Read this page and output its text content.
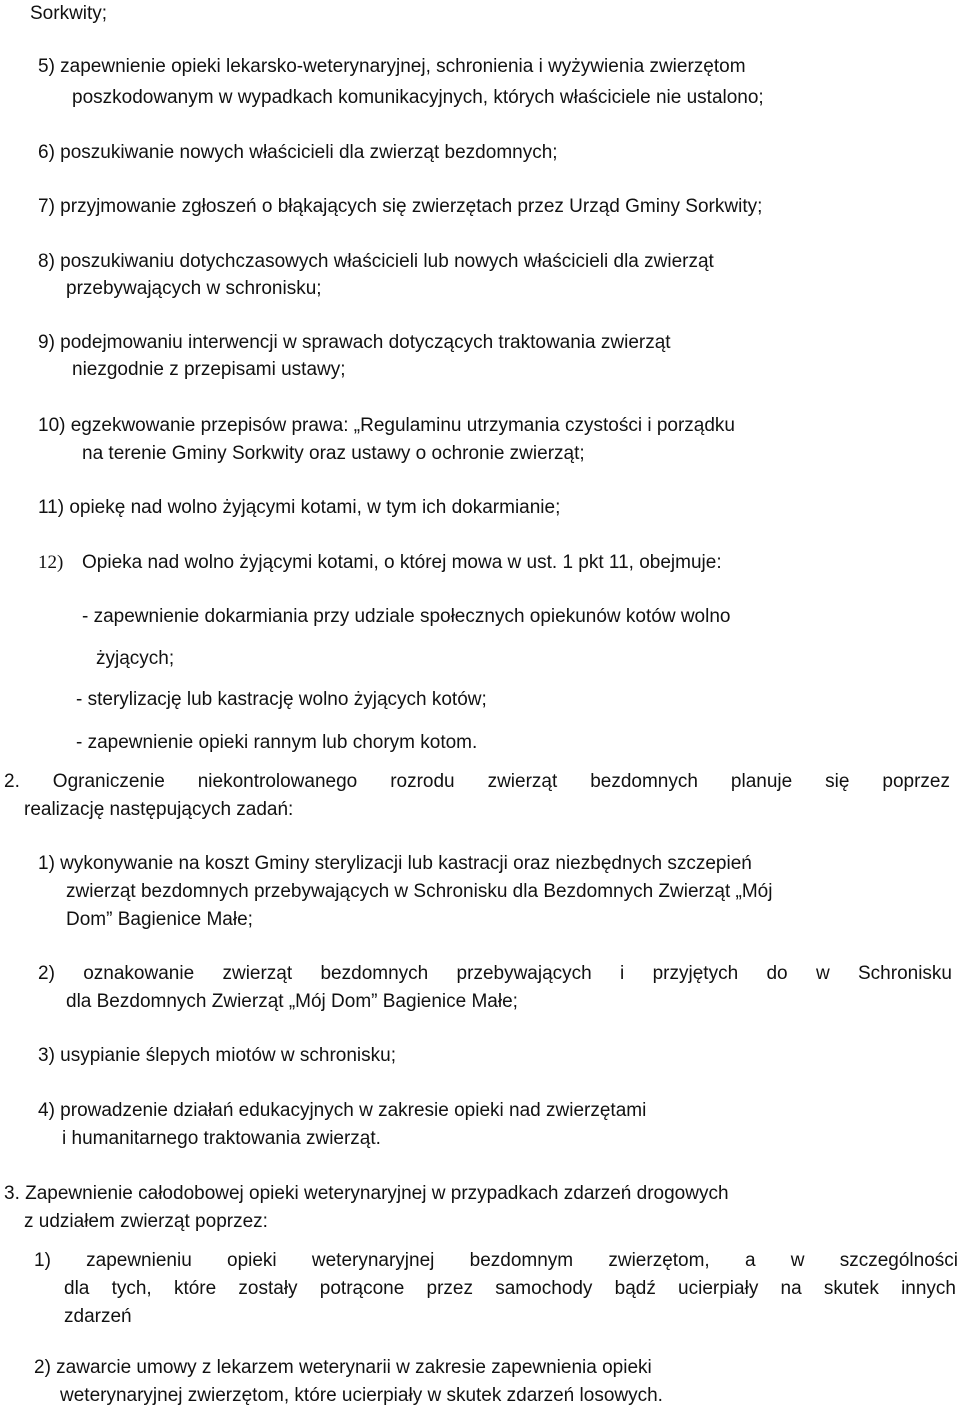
Sorkwity;

5) zapewnienie opieki lekarsko-weterynaryjnej, schronienia i wyżywienia zwierzętom

poszkodowanym w wypadkach komunikacyjnych, których właściciele nie ustalono;

6) poszukiwanie nowych właścicieli dla zwierząt bezdomnych;

7) przyjmowanie zgłoszeń o błąkających się zwierzętach przez Urząd Gminy Sorkwity;

8) poszukiwaniu dotychczasowych właścicieli lub nowych właścicieli dla zwierząt

przebywających w schronisku;

9) podejmowaniu interwencji w sprawach dotyczących traktowania zwierząt

niezgodnie z przepisami ustawy;

10) egzekwowanie przepisów prawa: „Regulaminu utrzymania czystości i porządku

na terenie Gminy Sorkwity oraz ustawy o ochronie zwierząt;

11) opiekę nad wolno żyjącymi kotami, w tym ich dokarmianie;

12) Opieka nad wolno żyjącymi kotami, o której mowa w ust. 1 pkt 11, obejmuje:

- zapewnienie dokarmiania przy udziale społecznych opiekunów kotów wolno

żyjących;

- sterylizację lub kastrację wolno żyjących kotów;

- zapewnienie opieki rannym lub chorym kotom.

2. Ograniczenie niekontrolowanego rozrodu zwierząt bezdomnych planuje się poprzez

realizację następujących zadań:

1) wykonywanie na koszt Gminy sterylizacji lub kastracji oraz niezbędnych szczepień

zwierząt bezdomnych przebywających w Schronisku dla Bezdomnych Zwierząt „Mój

Dom” Bagienice Małe;

2) oznakowanie zwierząt bezdomnych przebywających i przyjętych do w Schronisku

dla Bezdomnych Zwierząt „Mój Dom” Bagienice Małe;

3) usypianie ślepych miotów w schronisku;

4) prowadzenie działań edukacyjnych w zakresie opieki nad zwierzętami

i humanitarnego traktowania zwierząt.

3. Zapewnienie całodobowej opieki weterynaryjnej w przypadkach zdarzeń drogowych

z udziałem zwierząt poprzez:

1) zapewnieniu opieki weterynaryjnej bezdomnym zwierzętom, a w szczególności

dla tych, które zostały potrącone przez samochody bądź ucierpiały na skutek innych

zdarzeń

2) zawarcie umowy z lekarzem weterynarii w zakresie zapewnienia opieki

weterynaryjnej zwierzętom, które ucierpiały w skutek zdarzeń losowych.
